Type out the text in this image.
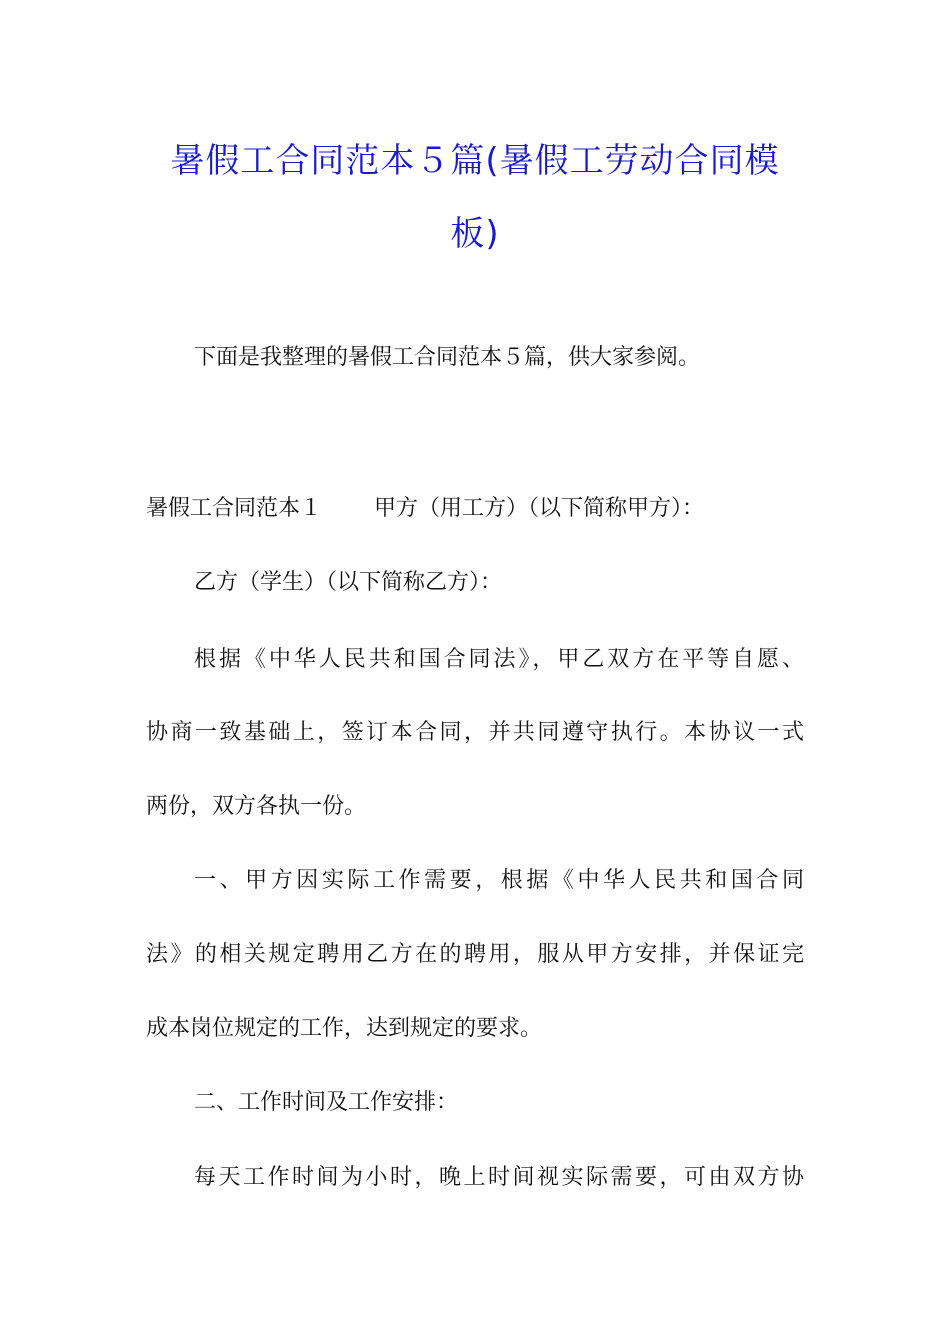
暑假工合同范本５篇(暑假工劳动合同模
板)
下面是我整理的暑假工合同范本５篇，供大家参阅。
暑假工合同范本１ 甲方（用工方）（以下简称甲方）：
乙方（学生）（以下简称乙方）：
根据《中华人民共和国合同法》，甲乙双方在平等自愿、
协商一致基础上，签订本合同，并共同遵守执行。本协议一式
两份，双方各执一份。
一、甲方因实际工作需要，根据《中华人民共和国合同
法》的相关规定聘用乙方在的聘用，服从甲方安排，并保证完
成本岗位规定的工作，达到规定的要求。
二、工作时间及工作安排：
每天工作时间为小时，晚上时间视实际需要，可由双方协
